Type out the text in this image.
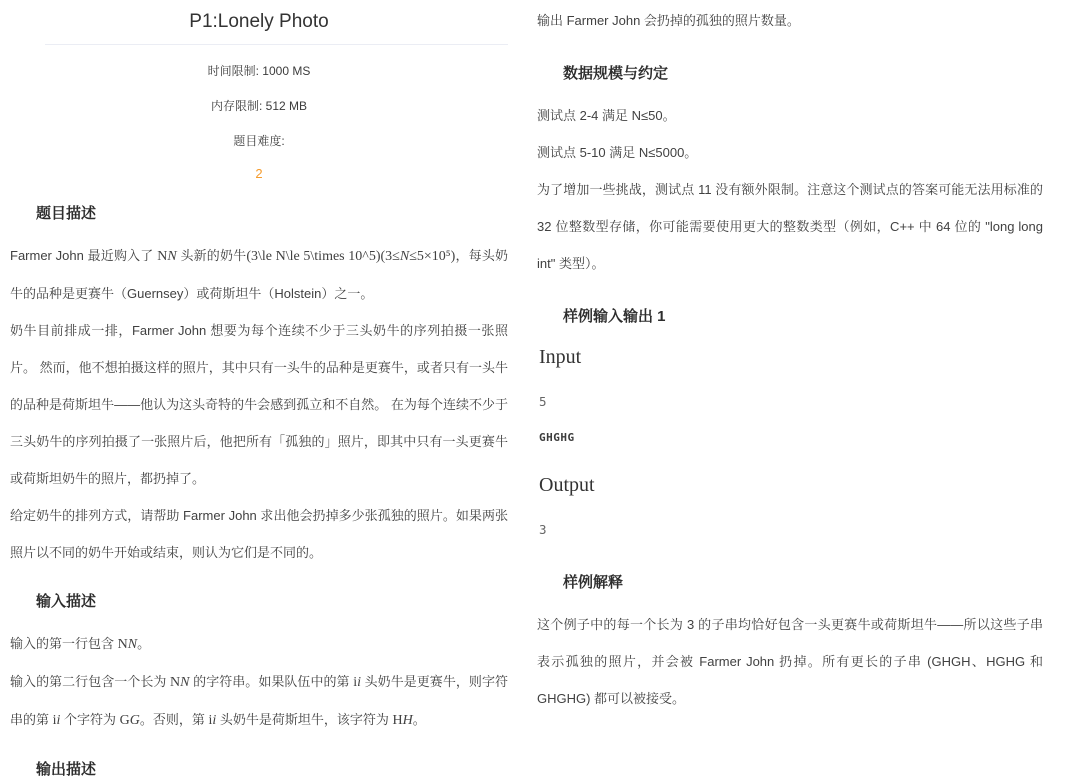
P1:Lonely Photo
时间限制: 1000 MS
内存限制: 512 MB
题目难度:
2
题目描述
Farmer John 最近购入了 NN 头新的奶牛(3\le N\le 5\times 10^5)(3≤N≤5×10⁵)，每头奶牛的品种是更赛牛（Guernsey）或荷斯坦牛（Holstein）之一。
奶牛目前排成一排，Farmer John 想要为每个连续不少于三头奶牛的序列拍摄一张照片。 然而，他不想拍摄这样的照片，其中只有一头牛的品种是更赛牛，或者只有一头牛的品种是荷斯坦牛——他认为这头奇特的牛会感到孤立和不自然。 在为每个连续不少于三头奶牛的序列拍摄了一张照片后，他把所有「孤独的」照片，即其中只有一头更赛牛或荷斯坦奶牛的照片，都扔掉了。
给定奶牛的排列方式，请帮助 Farmer John 求出他会扔掉多少张孤独的照片。如果两张照片以不同的奶牛开始或结束，则认为它们是不同的。
输入描述
输入的第一行包含 NN。
输入的第二行包含一个长为 NN 的字符串。如果队伍中的第 ii 头奶牛是更赛牛，则字符串的第 ii 个字符为 GG。否则，第 ii 头奶牛是荷斯坦牛，该字符为 HH。
输出描述
输出 Farmer John 会扔掉的孤独的照片数量。
数据规模与约定
测试点 2-4 满足 N≤50。
测试点 5-10 满足 N≤5000。
为了增加一些挑战，测试点 11 没有额外限制。注意这个测试点的答案可能无法用标准的 32 位整数型存储，你可能需要使用更大的整数类型（例如，C++ 中 64 位的 "long long int" 类型）。
样例输入输出 1
Input
5
GHGHG
Output
3
样例解释
这个例子中的每一个长为 3 的子串均恰好包含一头更赛牛或荷斯坦牛——所以这些子串表示孤独的照片，并会被 Farmer John 扔掉。所有更长的子串 (GHGH、HGHG 和 GHGHG) 都可以被接受。
